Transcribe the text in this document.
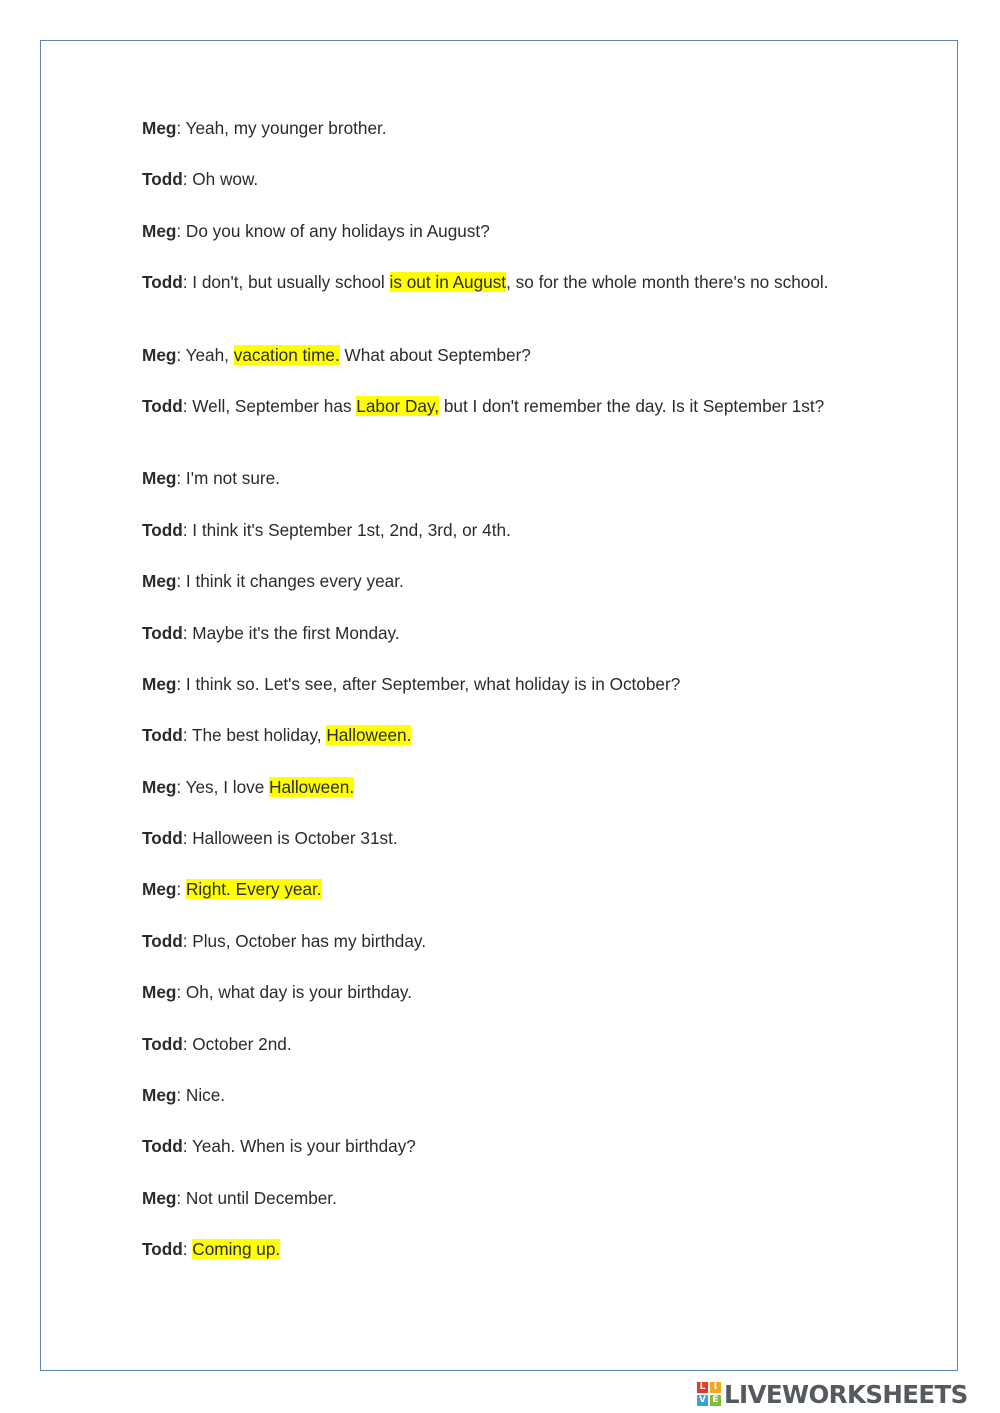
Meg: Yeah, my younger brother.

Todd: Oh wow.

Meg: Do you know of any holidays in August?

Todd: I don't, but usually school is out in August, so for the whole month there's no school.

Meg: Yeah, vacation time. What about September?

Todd: Well, September has Labor Day, but I don't remember the day. Is it September 1st?

Meg: I'm not sure.

Todd: I think it's September 1st, 2nd, 3rd, or 4th.

Meg: I think it changes every year.

Todd: Maybe it's the first Monday.

Meg: I think so. Let's see, after September, what holiday is in October?

Todd: The best holiday, Halloween.

Meg: Yes, I love Halloween.

Todd: Halloween is October 31st.

Meg: Right. Every year.

Todd: Plus, October has my birthday.

Meg: Oh, what day is your birthday.

Todd: October 2nd.

Meg: Nice.

Todd: Yeah. When is your birthday?

Meg: Not until December.

Todd: Coming up.

L I
V E LIVEWORKSHEETS
